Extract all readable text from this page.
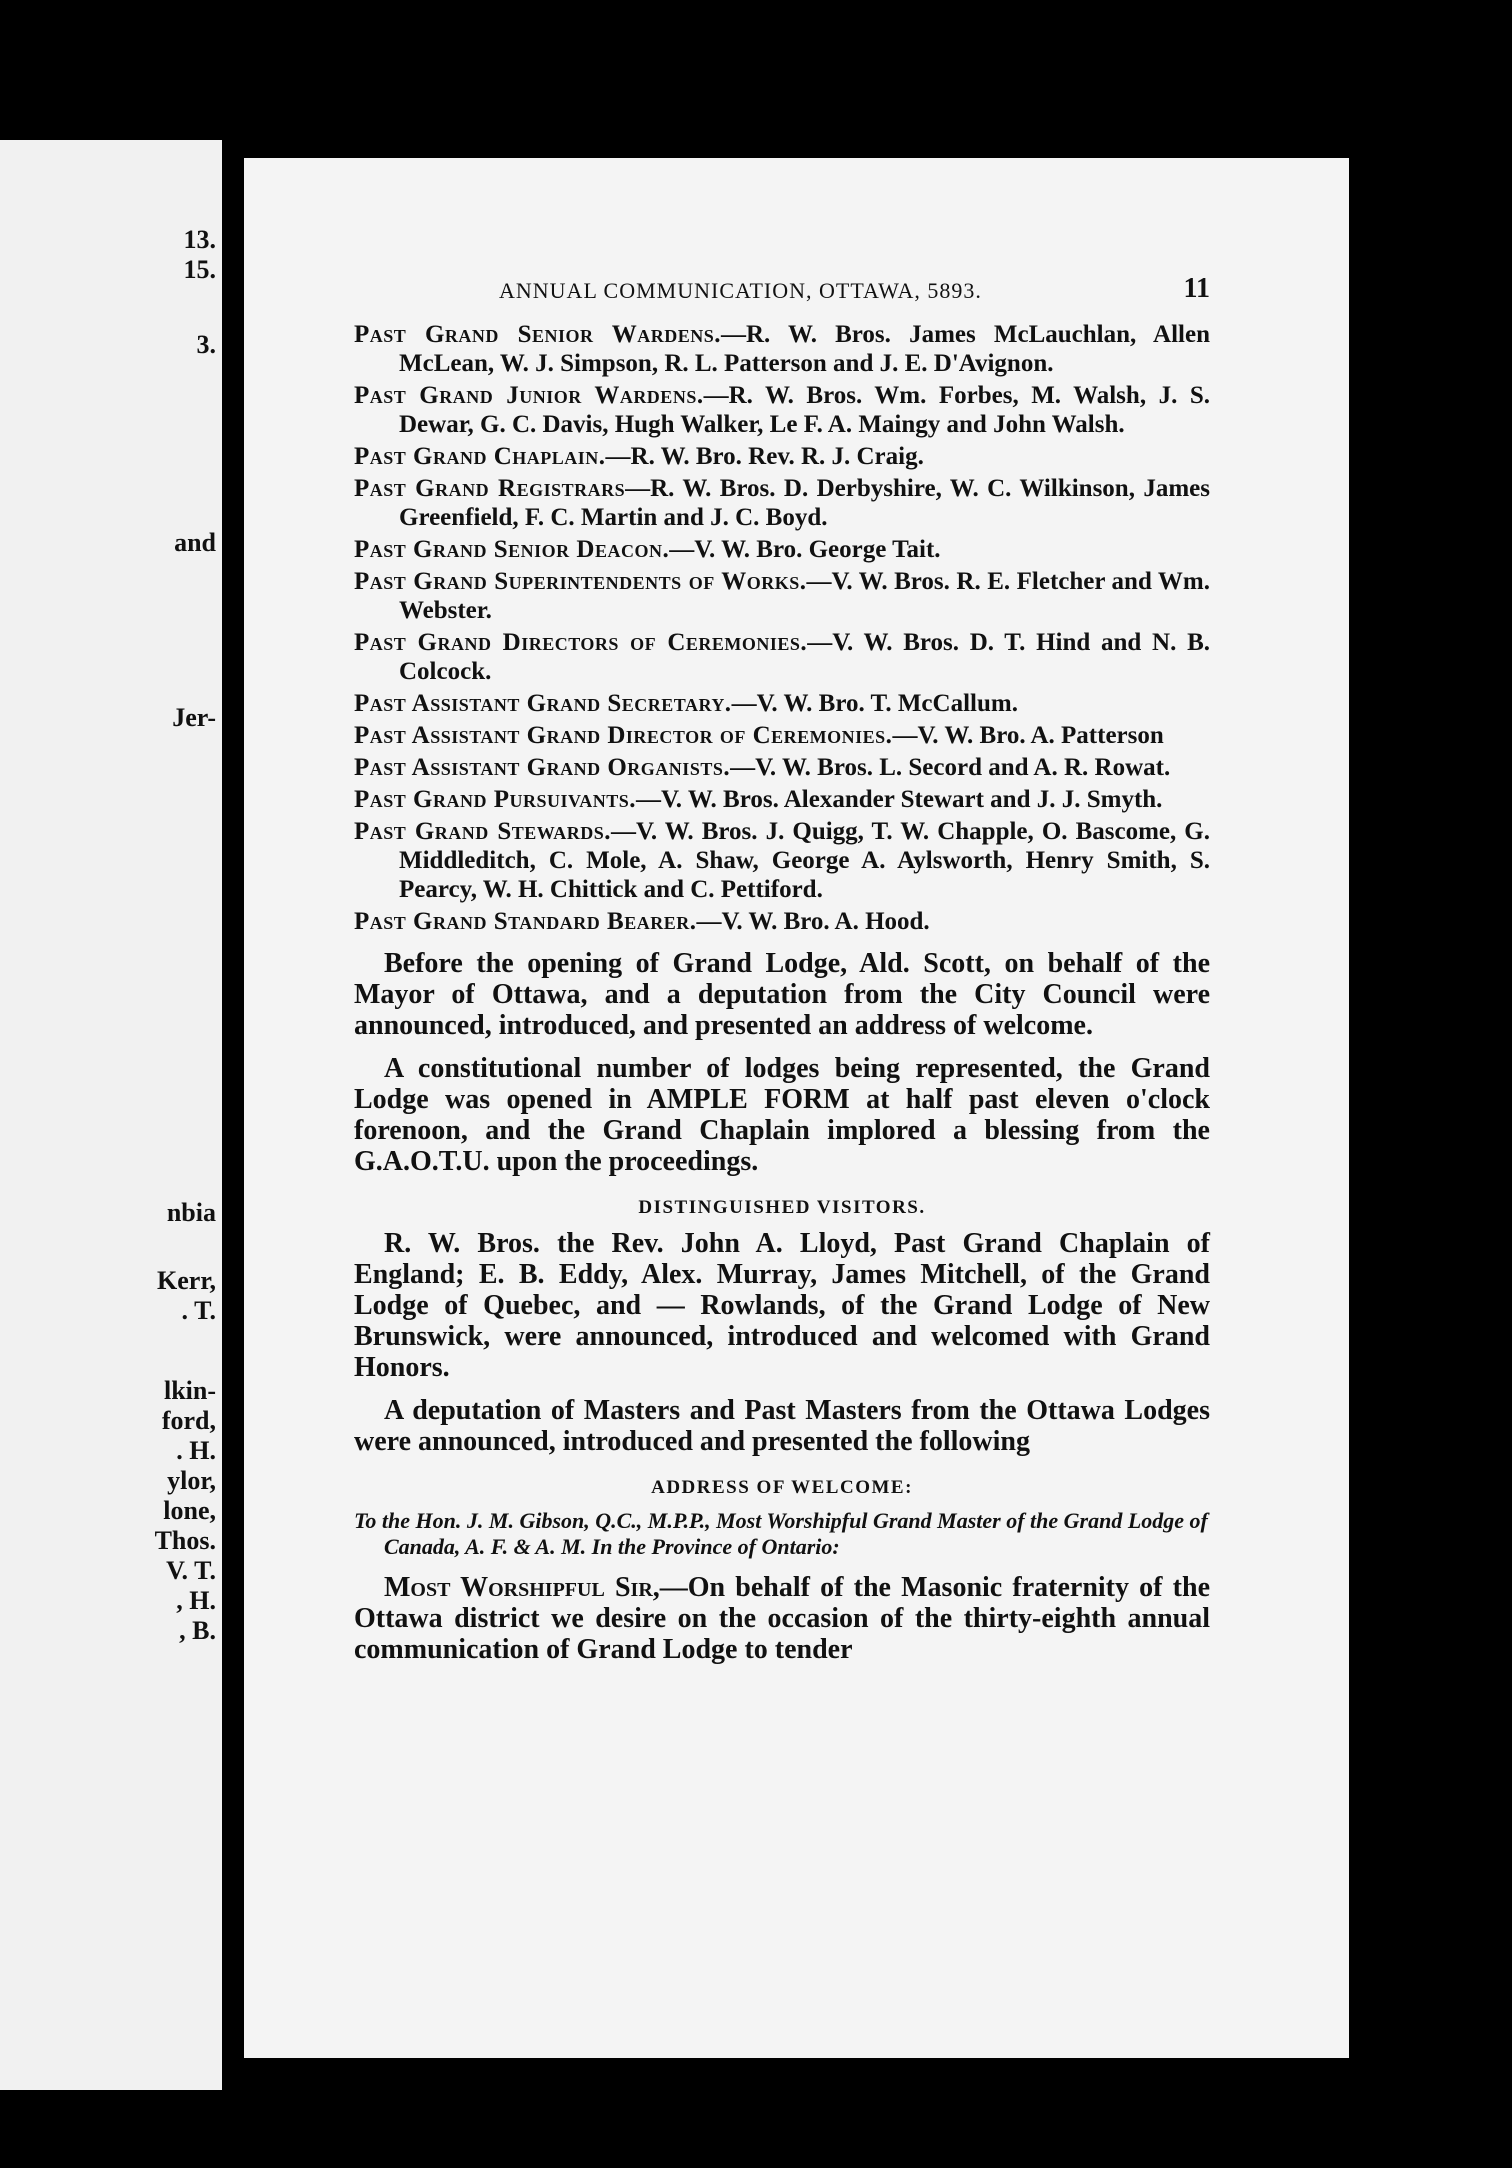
13.
15.
3.
and
Jer-
nbia
Kerr,
. T.
lkin-
ford,
. H.
ylor,
lone,
Thos.
V. T.
, H.
, B.
ANNUAL COMMUNICATION, OTTAWA, 5893.	11

Past Grand Senior Wardens.—R. W. Bros. James McLauchlan, Allen McLean, W. J. Simpson, R. L. Patterson and J. E. D'Avignon.

Past Grand Junior Wardens.—R. W. Bros. Wm. Forbes, M. Walsh, J. S. Dewar, G. C. Davis, Hugh Walker, Le F. A. Maingy and John Walsh.

Past Grand Chaplain.—R. W. Bro. Rev. R. J. Craig.

Past Grand Registrars—R. W. Bros. D. Derbyshire, W. C. Wilkinson, James Greenfield, F. C. Martin and J. C. Boyd.

Past Grand Senior Deacon.—V. W. Bro. George Tait.

Past Grand Superintendents of Works.—V. W. Bros. R. E. Fletcher and Wm. Webster.

Past Grand Directors of Ceremonies.—V. W. Bros. D. T. Hind and N. B. Colcock.

Past Assistant Grand Secretary.—V. W. Bro. T. McCallum.

Past Assistant Grand Director of Ceremonies.—V. W. Bro. A. Patterson

Past Assistant Grand Organists.—V. W. Bros. L. Secord and A. R. Rowat.

Past Grand Pursuivants.—V. W. Bros. Alexander Stewart and J. J. Smyth.

Past Grand Stewards.—V. W. Bros. J. Quigg, T. W. Chapple, O. Bascome, G. Middleditch, C. Mole, A. Shaw, George A. Aylsworth, Henry Smith, S. Pearcy, W. H. Chittick and C. Pettiford.

Past Grand Standard Bearer.—V. W. Bro. A. Hood.

Before the opening of Grand Lodge, Ald. Scott, on behalf of the Mayor of Ottawa, and a deputation from the City Council were announced, introduced, and presented an address of welcome.

A constitutional number of lodges being represented, the Grand Lodge was opened in AMPLE FORM at half past eleven o'clock forenoon, and the Grand Chaplain implored a blessing from the G.A.O.T.U. upon the proceedings.

DISTINGUISHED VISITORS.

R. W. Bros. the Rev. John A. Lloyd, Past Grand Chaplain of England; E. B. Eddy, Alex. Murray, James Mitchell, of the Grand Lodge of Quebec, and — Rowlands, of the Grand Lodge of New Brunswick, were announced, introduced and welcomed with Grand Honors.

A deputation of Masters and Past Masters from the Ottawa Lodges were announced, introduced and presented the following

ADDRESS OF WELCOME:

To the Hon. J. M. Gibson, Q.C., M.P.P., Most Worshipful Grand Master of the Grand Lodge of Canada, A. F. & A. M. In the Province of Ontario:

Most Worshipful Sir,—On behalf of the Masonic fraternity of the Ottawa district we desire on the occasion of the thirty-eighth annual communication of Grand Lodge to tender
